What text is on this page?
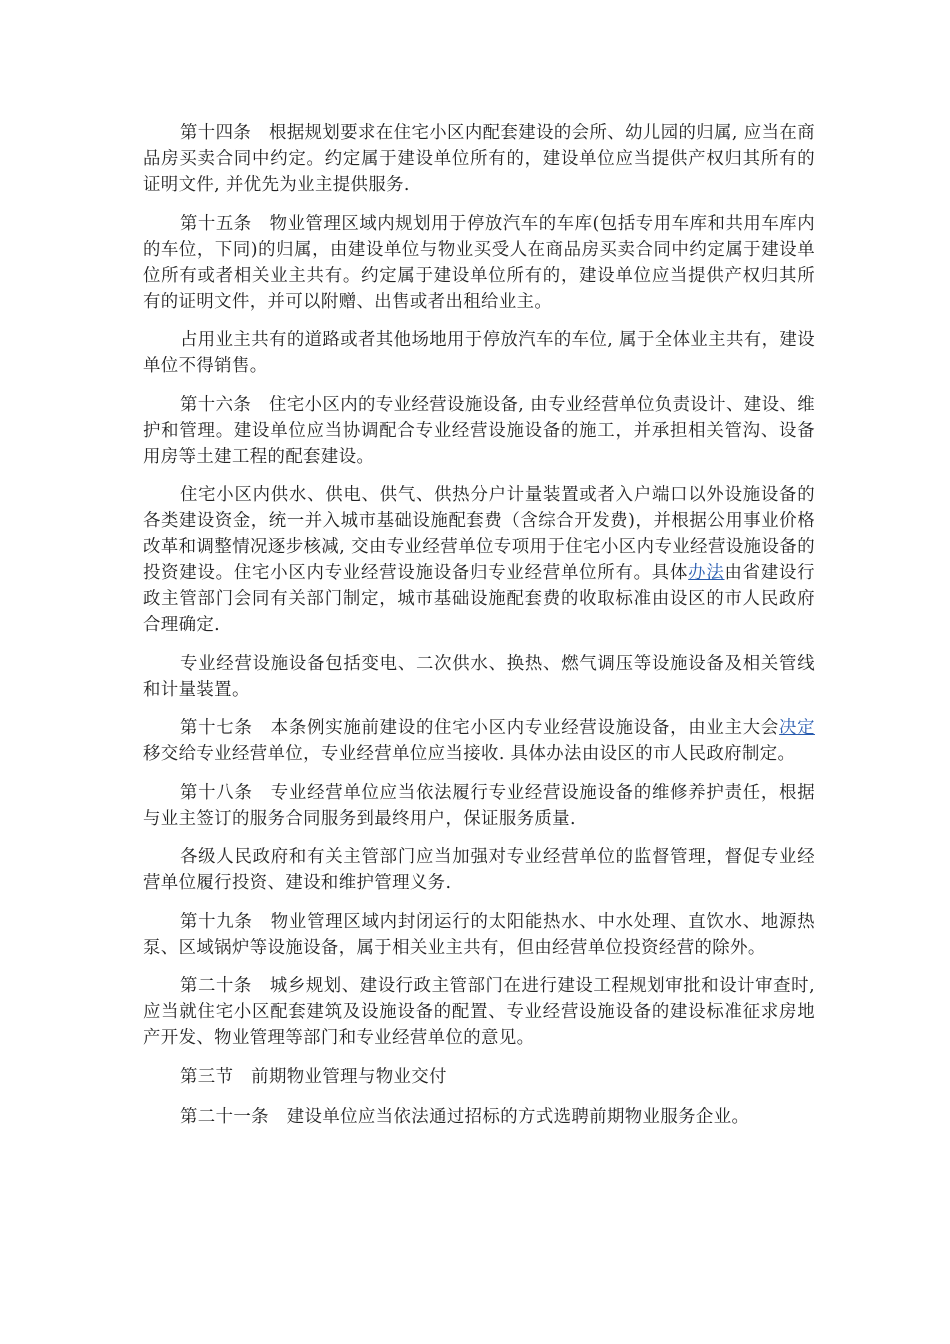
第十四条　根据规划要求在住宅小区内配套建设的会所、幼儿园的归属, 应当在商品房买卖合同中约定。约定属于建设单位所有的，建设单位应当提供产权归其所有的证明文件, 并优先为业主提供服务.

第十五条　物业管理区域内规划用于停放汽车的车库(包括专用车库和共用车库内的车位，下同)的归属，由建设单位与物业买受人在商品房买卖合同中约定属于建设单位所有或者相关业主共有。约定属于建设单位所有的，建设单位应当提供产权归其所有的证明文件，并可以附赠、出售或者出租给业主。

占用业主共有的道路或者其他场地用于停放汽车的车位, 属于全体业主共有，建设单位不得销售。

第十六条　住宅小区内的专业经营设施设备, 由专业经营单位负责设计、建设、维护和管理。建设单位应当协调配合专业经营设施设备的施工，并承担相关管沟、设备用房等土建工程的配套建设。

住宅小区内供水、供电、供气、供热分户计量装置或者入户端口以外设施设备的各类建设资金，统一并入城市基础设施配套费（含综合开发费)，并根据公用事业价格改革和调整情况逐步核减, 交由专业经营单位专项用于住宅小区内专业经营设施设备的投资建设。住宅小区内专业经营设施设备归专业经营单位所有。具体办法由省建设行政主管部门会同有关部门制定，城市基础设施配套费的收取标准由设区的市人民政府合理确定.

专业经营设施设备包括变电、二次供水、换热、燃气调压等设施设备及相关管线和计量装置。

第十七条　本条例实施前建设的住宅小区内专业经营设施设备，由业主大会决定移交给专业经营单位，专业经营单位应当接收. 具体办法由设区的市人民政府制定。

第十八条　专业经营单位应当依法履行专业经营设施设备的维修养护责任，根据与业主签订的服务合同服务到最终用户，保证服务质量.

各级人民政府和有关主管部门应当加强对专业经营单位的监督管理，督促专业经营单位履行投资、建设和维护管理义务.

第十九条　物业管理区域内封闭运行的太阳能热水、中水处理、直饮水、地源热泵、区域锅炉等设施设备，属于相关业主共有，但由经营单位投资经营的除外。

第二十条　城乡规划、建设行政主管部门在进行建设工程规划审批和设计审查时, 应当就住宅小区配套建筑及设施设备的配置、专业经营设施设备的建设标准征求房地产开发、物业管理等部门和专业经营单位的意见。

第三节　前期物业管理与物业交付

第二十一条　建设单位应当依法通过招标的方式选聘前期物业服务企业。
